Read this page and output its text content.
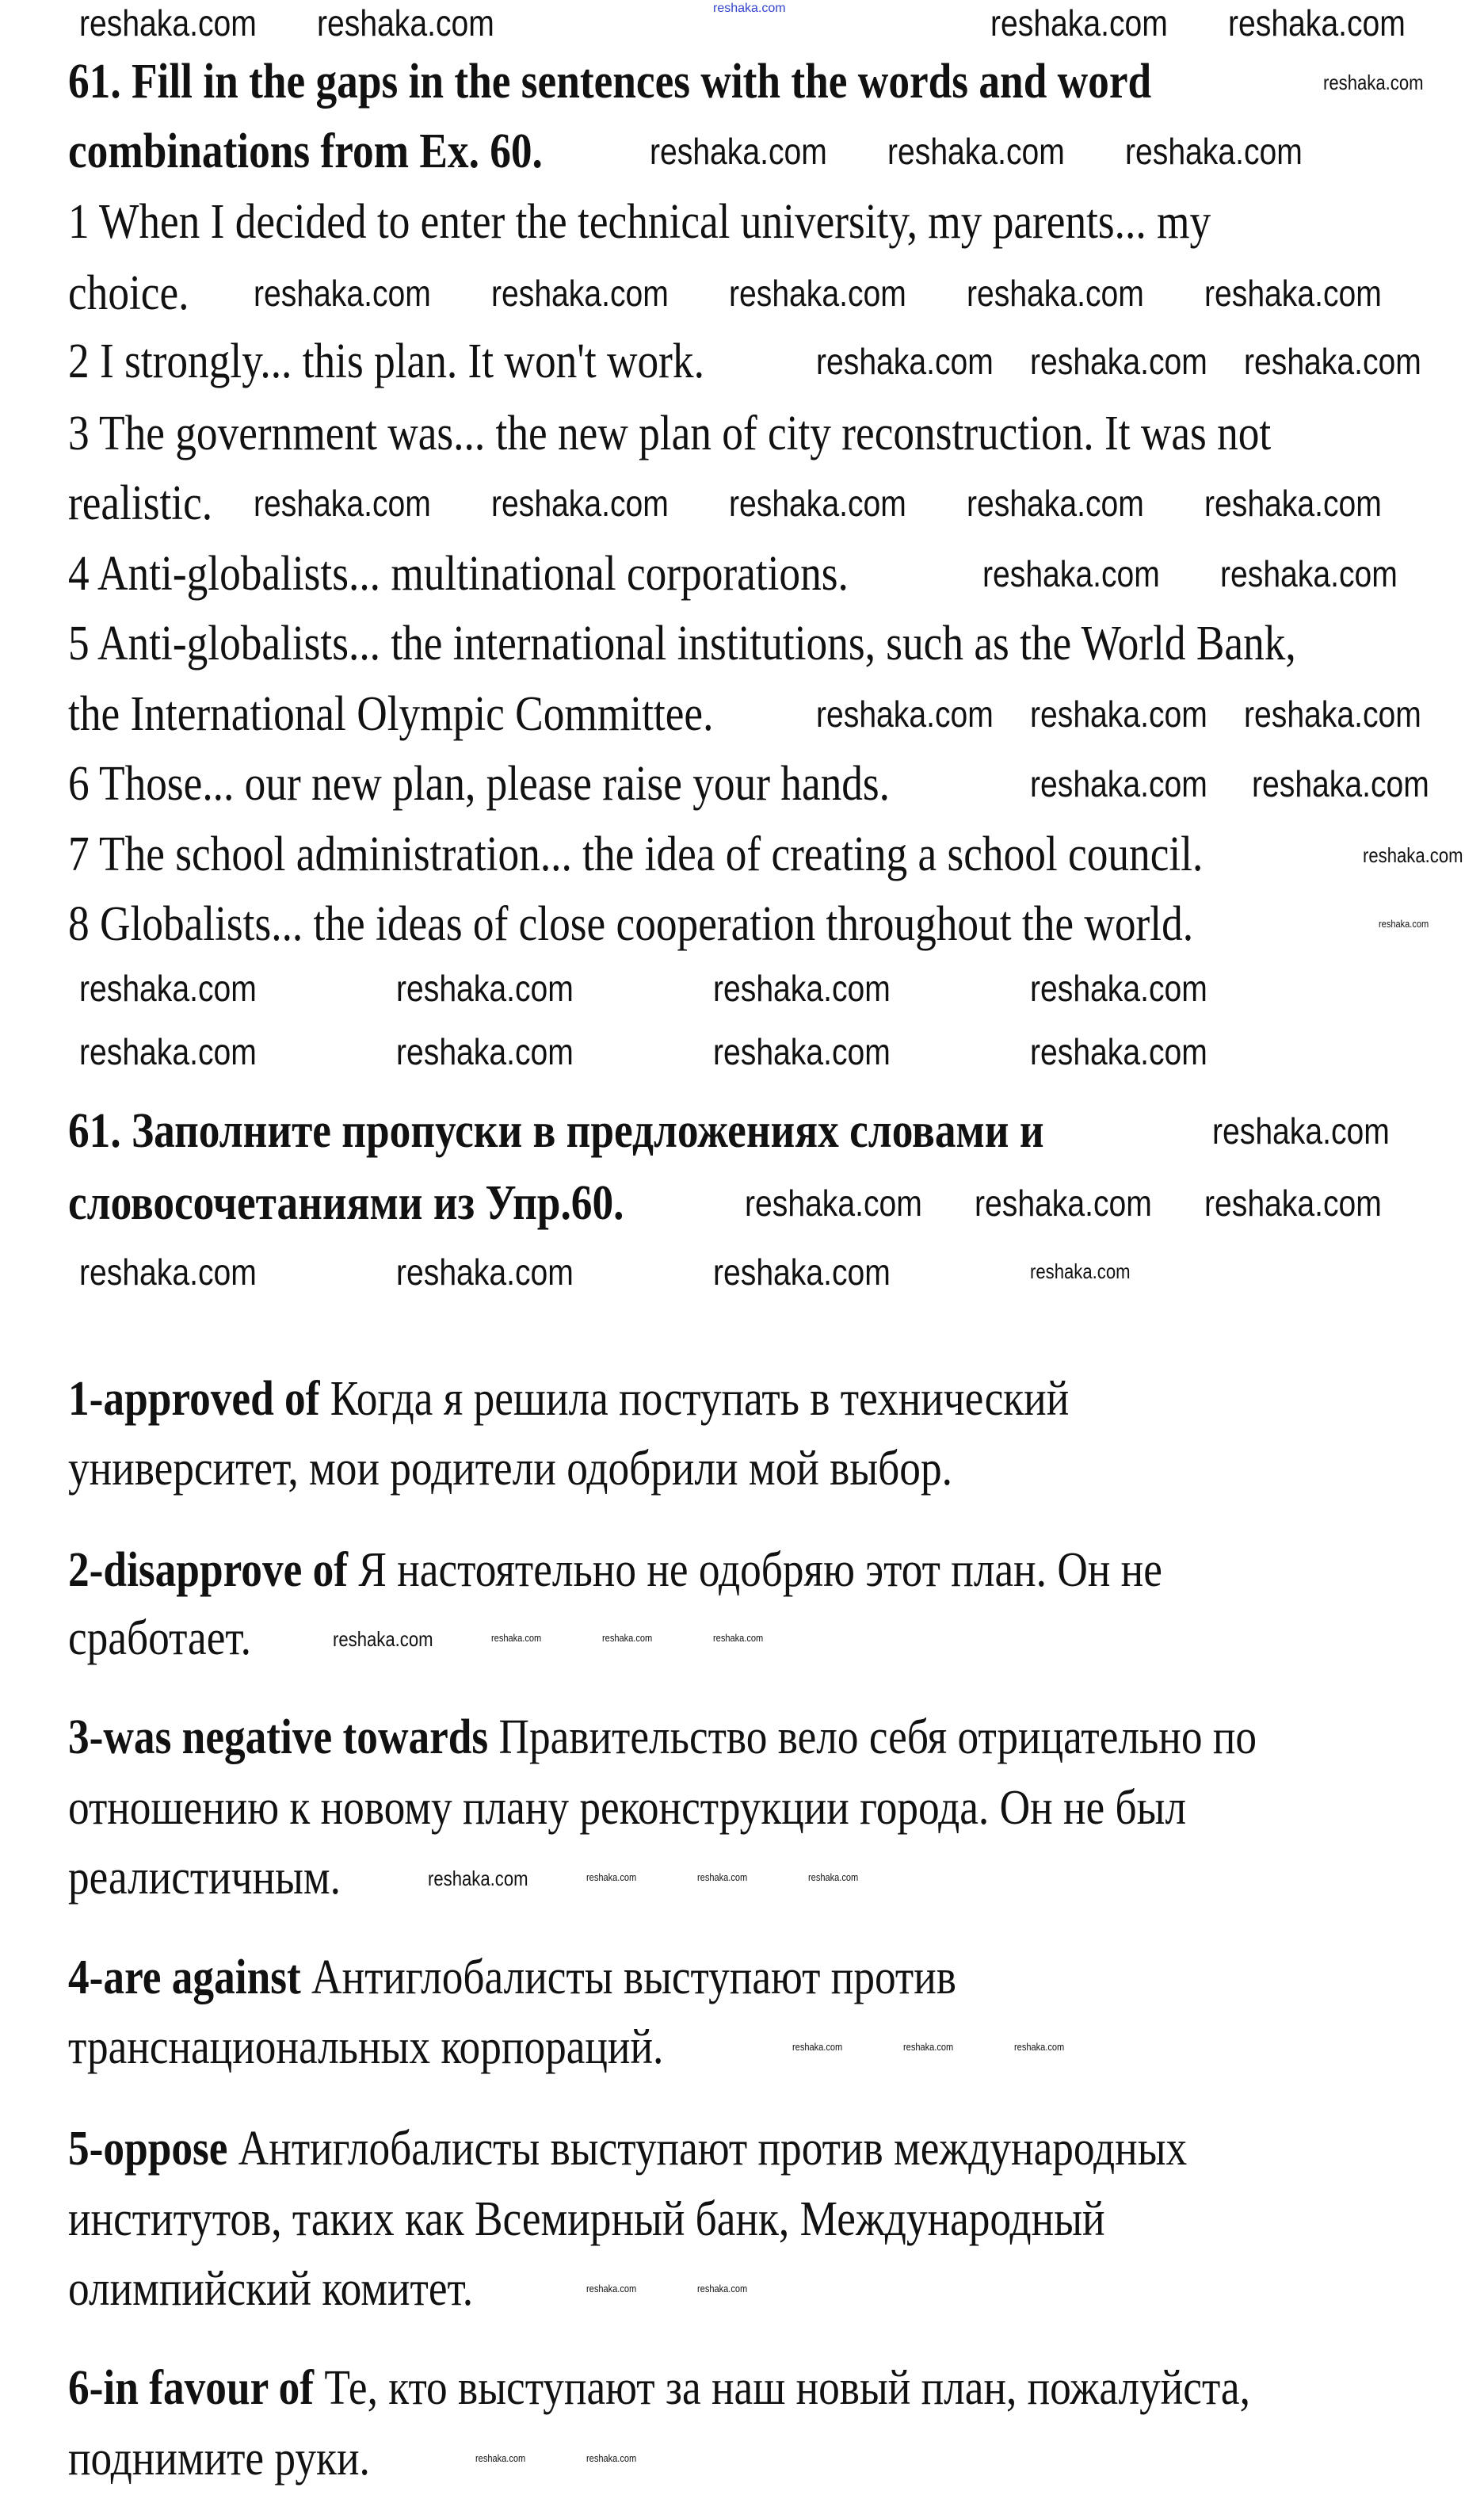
reshaka.com
61. Fill in the gaps in the sentences with the words and word
combinations from Ex. 60.
1 When I decided to enter the technical university, my parents... my
choice.
2 I strongly... this plan. It won't work.
3 The government was... the new plan of city reconstruction. It was not
realistic.
4 Anti-globalists... multinational corporations.
5 Anti-globalists... the international institutions, such as the World Bank,
the International Olympic Committee.
6 Those... our new plan, please raise your hands.
7 The school administration... the idea of creating a school council.
8 Globalists... the ideas of close cooperation throughout the world.
61. Заполните пропуски в предложениях словами и
словосочетаниями из Упр.60.
1-approved of Когда я решила поступать в технический
университет, мои родители одобрили мой выбор.
2-disapprove of Я настоятельно не одобряю этот план. Он не
сработает.
3-was negative towards Правительство вело себя отрицательно по
отношению к новому плану реконструкции города. Он не был
реалистичным.
4-are against Антиглобалисты выступают против
транснациональных корпораций.
5-oppose Антиглобалисты выступают против международных
институтов, таких как Всемирный банк, Международный
олимпийский комитет.
6-in favour of Те, кто выступают за наш новый план, пожалуйста,
поднимите руки.
reshaka.com reshaka.com	reshaka.com reshaka.com
reshaka.com reshaka.com reshaka.com
reshaka.com reshaka.com reshaka.com reshaka.com reshaka.com
reshaka.com reshaka.com reshaka.com
reshaka.com reshaka.com reshaka.com reshaka.com reshaka.com
reshaka.com reshaka.com
reshaka.com reshaka.com reshaka.com
reshaka.com reshaka.com
reshaka.com	reshaka.com	reshaka.com	reshaka.com
reshaka.com	reshaka.com	reshaka.com	reshaka.com
reshaka.com
reshaka.com reshaka.com reshaka.com
reshaka.com	reshaka.com	reshaka.com	reshaka.com
reshaka.com
reshaka.com
reshaka.com
reshaka.com
reshaka.com
reshaka.com	reshaka.com	reshaka.com
reshaka.com	reshaka.com	reshaka.com
reshaka.com	reshaka.com	reshaka.com
reshaka.com	reshaka.com
reshaka.com	reshaka.com
